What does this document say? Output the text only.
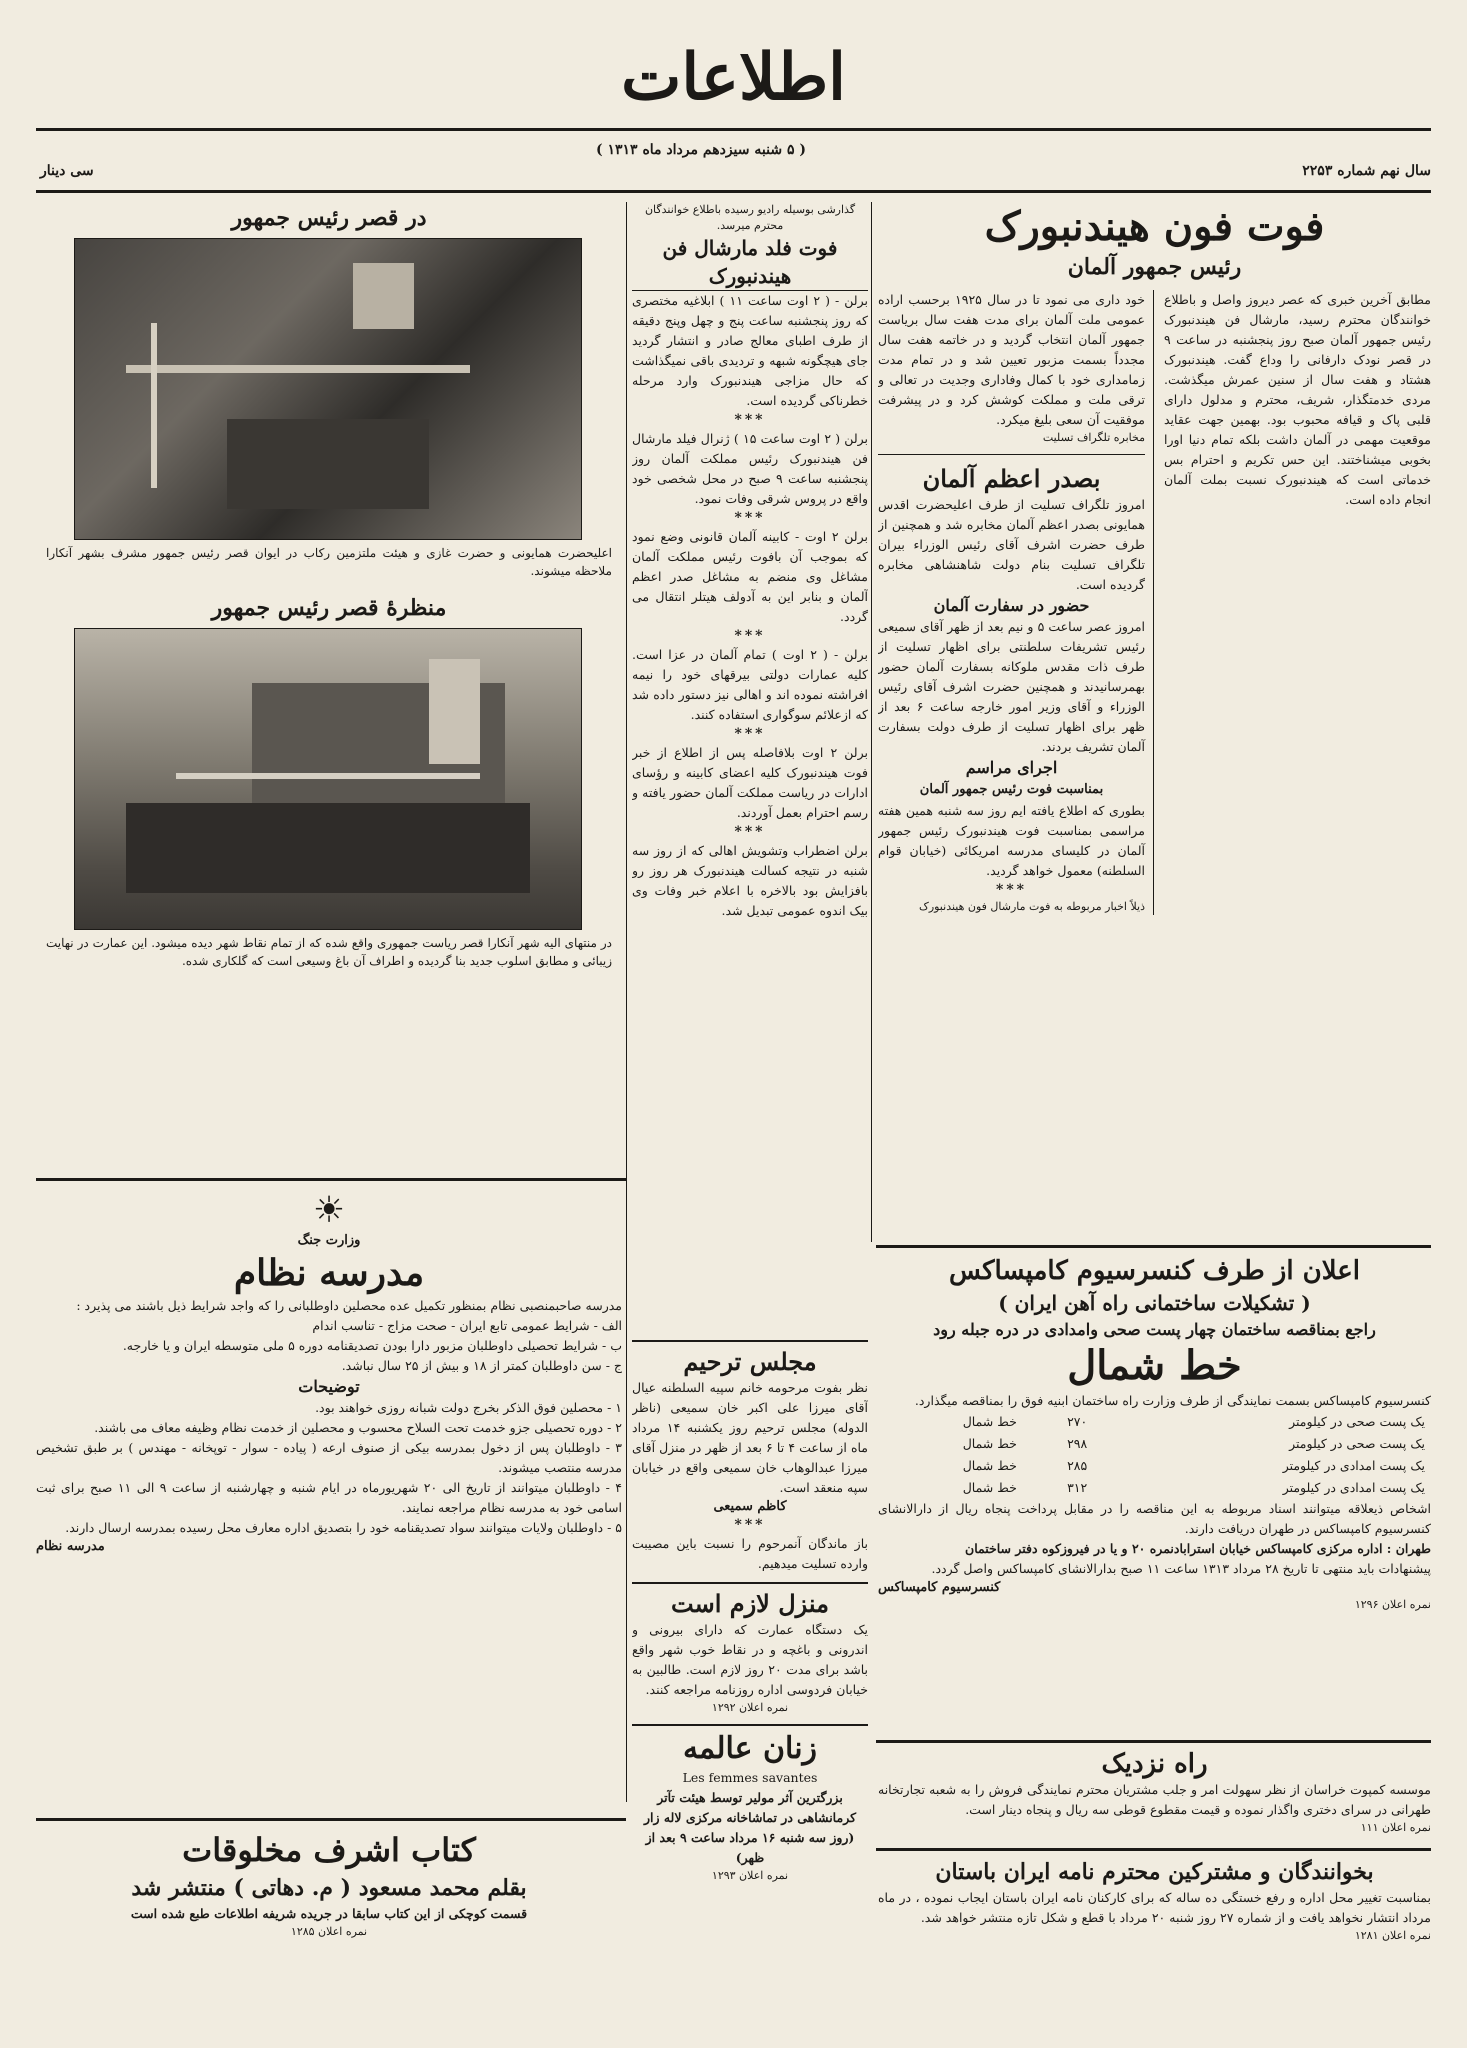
اطلاعات
سال نهم شماره ۲۲۵۳
( ۵ شنبه سیزدهم مرداد ماه ۱۳۱۳ )
سی دینار
فوت فون هیندنبورک
رئیس جمهور آلمان

مطابق آخرین خبری که عصر دیروز واصل و باطلاع خوانندگان محترم رسید، مارشال فن هیندنبورک رئیس جمهور آلمان صبح روز پنجشنبه در ساعت ۹ در قصر نودک دارفانی را وداع گفت. هیندنبورک هشتاد و هفت سال از سنین عمرش میگذشت. مردی خدمتگذار، شریف، محترم و مدلول دارای قلبی پاک و قیافه محبوب بود. بهمین جهت عقاید موقعیت مهمی در آلمان داشت بلکه تمام دنیا اورا بخوبی میشناختند. این حس تکریم و احترام بس خدماتی است که هیندنبورک نسبت بملت آلمان انجام داده است.

خود داری می نمود تا در سال ۱۹۲۵ برحسب اراده عمومی ملت آلمان برای مدت هفت سال بریاست جمهور آلمان انتخاب گردید و در خاتمه هفت سال مجدداً بسمت مزبور تعیین شد و در تمام مدت زمامداری خود با کمال وفاداری وجدیت در تعالی و ترقی ملت و مملکت کوشش کرد و در پیشرفت موفقیت آن سعی بلیغ میکرد.

مخابره تلگراف تسلیت
بصدر اعظم آلمان

امروز تلگراف تسلیت از طرف اعلیحضرت اقدس همایونی بصدر اعظم آلمان مخابره شد و همچنین از طرف حضرت اشرف آقای رئیس الوزراء بیران تلگراف تسلیت بنام دولت شاهنشاهی مخابره گردیده است.

حضور در سفارت آلمان

امروز عصر ساعت ۵ و نیم بعد از ظهر آقای سمیعی رئیس تشریفات سلطنتی برای اظهار تسلیت از طرف ذات مقدس ملوکانه بسفارت آلمان حضور بهمرسانیدند و همچنین حضرت اشرف آقای رئیس الوزراء و آقای وزیر امور خارجه ساعت ۶ بعد از ظهر برای اظهار تسلیت از طرف دولت بسفارت آلمان تشریف بردند.

اجرای مراسم
بمناسبت فوت رئیس جمهور آلمان

بطوری که اطلاع یافته ایم روز سه شنبه همین هفته مراسمی بمناسبت فوت هیندنبورک رئیس جمهور آلمان در کلیسای مدرسه امریکائی (خیابان قوام السلطنه) معمول خواهد گردید.

***
ذیلاً اخبار مربوطه به فوت مارشال فون هیندنبورک
گذارشی بوسیله رادیو رسیده باطلاع خوانندگان محترم میرسد.
فوت فلد مارشال فن هیندنبورک

برلن - ( ۲ اوت ساعت ۱۱ ) ابلاغیه مختصری که روز پنجشنبه ساعت پنج و چهل وپنج دقیقه از طرف اطبای معالج صادر و انتشار گردید جای هیچگونه شبهه و تردیدی باقی نمیگذاشت که حال مزاجی هیندنبورک وارد مرحله خطرناکی گردیده است.

***

برلن ( ۲ اوت ساعت ۱۵ ) ژنرال فیلد مارشال فن هیندنبورک رئیس مملکت آلمان روز پنجشنبه ساعت ۹ صبح در محل شخصی خود واقع در پروس شرقی وفات نمود.

***

برلن ۲ اوت - کابینه آلمان قانونی وضع نمود که بموجب آن بافوت رئیس مملکت آلمان مشاغل وی منضم به مشاغل صدر اعظم آلمان و بنابر این به آدولف هیتلر انتقال می گردد.

***

برلن - ( ۲ اوت ) تمام آلمان در عزا است. کلیه عمارات دولتی بیرقهای خود را نیمه افراشته نموده اند و اهالی نیز دستور داده شد که ازعلائم سوگواری استفاده کنند.

***

برلن ۲ اوت بلافاصله پس از اطلاع از خبر فوت هیندنبورک کلیه اعضای کابینه و رؤسای ادارات در ریاست مملکت آلمان حضور یافته و رسم احترام بعمل آوردند.

***

برلن اضطراب وتشویش اهالی که از روز سه شنبه در نتیجه کسالت هیندنبورک هر روز رو بافزایش بود بالاخره با اعلام خبر وفات وی بیک اندوه عمومی تبدیل شد.

مجلس ترحیم

نظر بفوت مرحومه خانم سپیه السلطنه عیال آقای میرزا علی اکبر خان سمیعی (ناظر الدوله) مجلس ترحیم روز یکشنبه ۱۴ مرداد ماه از ساعت ۴ تا ۶ بعد از ظهر در منزل آقای میرزا عبدالوهاب خان سمیعی واقع در خیابان سپه منعقد است.

کاظم سمیعی
***

باز ماندگان آنمرحوم را نسبت باین مصیبت وارده تسلیت میدهیم.

منزل لازم است

یک دستگاه عمارت که دارای بیرونی و اندرونی و باغچه و در نقاط خوب شهر واقع باشد برای مدت ۲۰ روز لازم است. طالبین به خیابان فردوسی اداره روزنامه مراجعه کنند.

نمره اعلان ۱۲۹۲
زنان عالمه

Les femmes savantes

بزرگترین آثر مولیر توسط هیئت تآتر کرمانشاهی در تماشاخانه مرکزی لاله زار (روز سه شنبه ۱۶ مرداد ساعت ۹ بعد از ظهر)

نمره اعلان ۱۲۹۳
در قصر رئیس جمهور
اعلیحضرت همایونی و حضرت غازی و هیئت ملتزمین رکاب در ایوان قصر رئیس جمهور مشرف بشهر آنکارا ملاحظه میشوند.
منظرهٔ قصر رئیس جمهور
در منتهای الیه شهر آنکارا قصر ریاست جمهوری واقع شده که از تمام نقاط شهر دیده میشود. این عمارت در نهایت زیبائی و مطابق اسلوب جدید بنا گردیده و اطراف آن باغ وسیعی است که گلکاری شده.
☀
وزارت جنگ
مدرسه نظام

مدرسه صاحبمنصبی نظام بمنظور تکمیل عده محصلین داوطلبانی را که واجد شرایط ذیل باشند می پذیرد :

الف - شرایط عمومی تابع ایران - صحت مزاج - تناسب اندام

ب - شرایط تحصیلی داوطلبان مزبور دارا بودن تصدیقنامه دوره ۵ ملی متوسطه ایران و یا خارجه.

ج - سن داوطلبان کمتر از ۱۸ و بیش از ۲۵ سال نباشد.

توضیحات

۱ - محصلین فوق الذکر بخرج دولت شبانه روزی خواهند بود.

۲ - دوره تحصیلی جزو خدمت تحت السلاح محسوب و محصلین از خدمت نظام وظیفه معاف می باشند.

۳ - داوطلبان پس از دخول بمدرسه بیکی از صنوف ارعه ( پیاده - سوار - توپخانه - مهندس ) بر طبق تشخیص مدرسه منتصب میشوند.

۴ - داوطلبان میتوانند از تاریخ الی ۲۰ شهریورماه در ایام شنبه و چهارشنبه از ساعت ۹ الی ۱۱ صبح برای ثبت اسامی خود به مدرسه نظام مراجعه نمایند.

۵ - داوطلبان ولایات میتوانند سواد تصدیقنامه خود را بتصدیق اداره معارف محل رسیده بمدرسه ارسال دارند.

مدرسه نظام
کتاب اشرف مخلوقات
بقلم محمد مسعود ( م. دهاتی ) منتشر شد

قسمت کوچکی از این کتاب سابقا در جریده شریفه اطلاعات طبع شده است

نمره اعلان ۱۲۸۵
اعلان از طرف کنسرسیوم کامپساکس
( تشکیلات ساختمانی راه آهن ایران )
راجع بمناقصه ساختمان چهار پست صحی وامدادی در دره جبله رود
خط شمال

کنسرسیوم کامپساکس بسمت نمایندگی از طرف وزارت راه ساختمان ابنیه فوق را بمناقصه میگذارد.

یک پست صحی در کیلومتر	۲۷۰	خط شمال
یک پست صحی در کیلومتر	۲۹۸	خط شمال
یک پست امدادی در کیلومتر	۲۸۵	خط شمال
یک پست امدادی در کیلومتر	۳۱۲	خط شمال

اشخاص ذیعلاقه میتوانند اسناد مربوطه به این مناقصه را در مقابل پرداخت پنجاه ریال از دارالانشای کنسرسیوم کامپساکس در طهران دریافت دارند.

طهران : اداره مرکزی کامپساکس خیابان استرابادنمره ۲۰ و یا در فیروزکوه دفتر ساختمان

پیشنهادات باید منتهی تا تاریخ ۲۸ مرداد ۱۳۱۳ ساعت ۱۱ صبح بدارالانشای کامپساکس واصل گردد.

کنسرسیوم کامپساکس
نمره اعلان ۱۲۹۶
راه نزدیک

موسسه کمپوت خراسان از نظر سهولت امر و جلب مشتریان محترم نمایندگی فروش را به شعبه تجارتخانه طهرانی در سرای دختری واگذار نموده و قیمت مقطوع قوطی سه ریال و پنجاه دینار است.

نمره اعلان ۱۱۱
بخوانندگان و مشترکین محترم نامه ایران باستان

بمناسبت تغییر محل اداره و رفع خستگی ده ساله که برای کارکنان نامه ایران باستان ایجاب نموده ، در ماه مرداد انتشار نخواهد یافت و از شماره ۲۷ روز شنبه ۲۰ مرداد با قطع و شکل تازه منتشر خواهد شد.

نمره اعلان ۱۲۸۱
